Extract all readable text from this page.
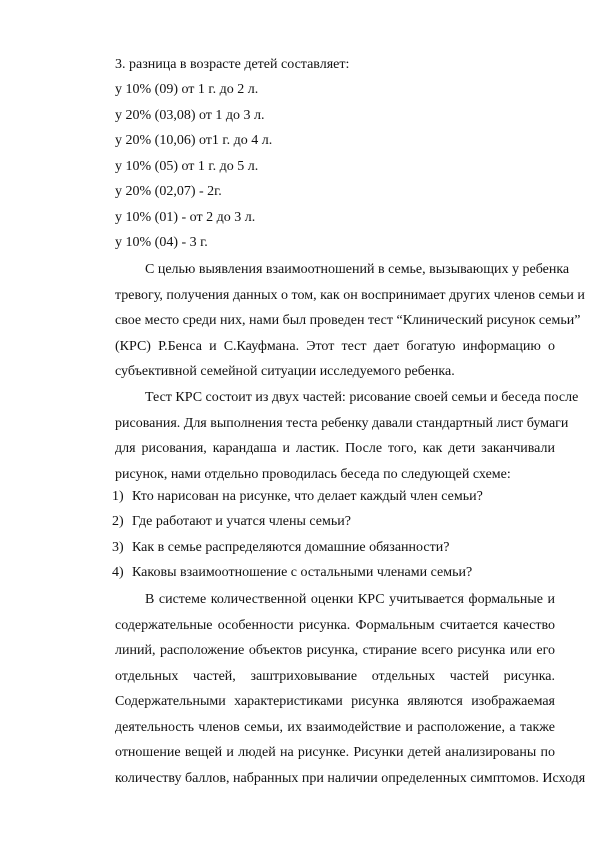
3. разница в возрасте детей составляет:
у 10% (09) от 1 г. до 2 л.
у 20% (03,08) от 1 до 3 л.
у 20% (10,06) от1 г. до 4 л.
у 10% (05) от 1 г. до 5 л.
у 20% (02,07) - 2г.
у 10% (01) - от 2 до 3 л.
у 10% (04) - 3 г.
С целью выявления взаимоотношений в семье, вызывающих у ребенка
тревогу, получения данных о том, как он воспринимает других членов семьи и
свое место среди них, нами был проведен тест “Клинический рисунок семьи”
(КРС) Р.Бенса и С.Кауфмана. Этот тест дает богатую информацию о
субъективной семейной ситуации исследуемого ребенка.
Тест КРС состоит из двух частей: рисование своей семьи и беседа после
рисования. Для выполнения теста ребенку давали стандартный лист бумаги
для рисования, карандаша и ластик. После того, как дети заканчивали
рисунок, нами отдельно проводилась беседа по следующей схеме:
1) Кто нарисован на рисунке, что делает каждый член семьи?
2) Где работают и учатся члены семьи?
3) Как в семье распределяются домашние обязанности?
4) Каковы взаимоотношение с остальными членами семьи?
В системе количественной оценки КРС учитывается формальные и
содержательные особенности рисунка. Формальным считается качество
линий, расположение объектов рисунка, стирание всего рисунка или его
отдельных частей, заштриховывание отдельных частей рисунка.
Содержательными характеристиками рисунка являются изображаемая
деятельность членов семьи, их взаимодействие и расположение, а также
отношение вещей и людей на рисунке. Рисунки детей анализированы по
количеству баллов, набранных при наличии определенных симптомов. Исходя
